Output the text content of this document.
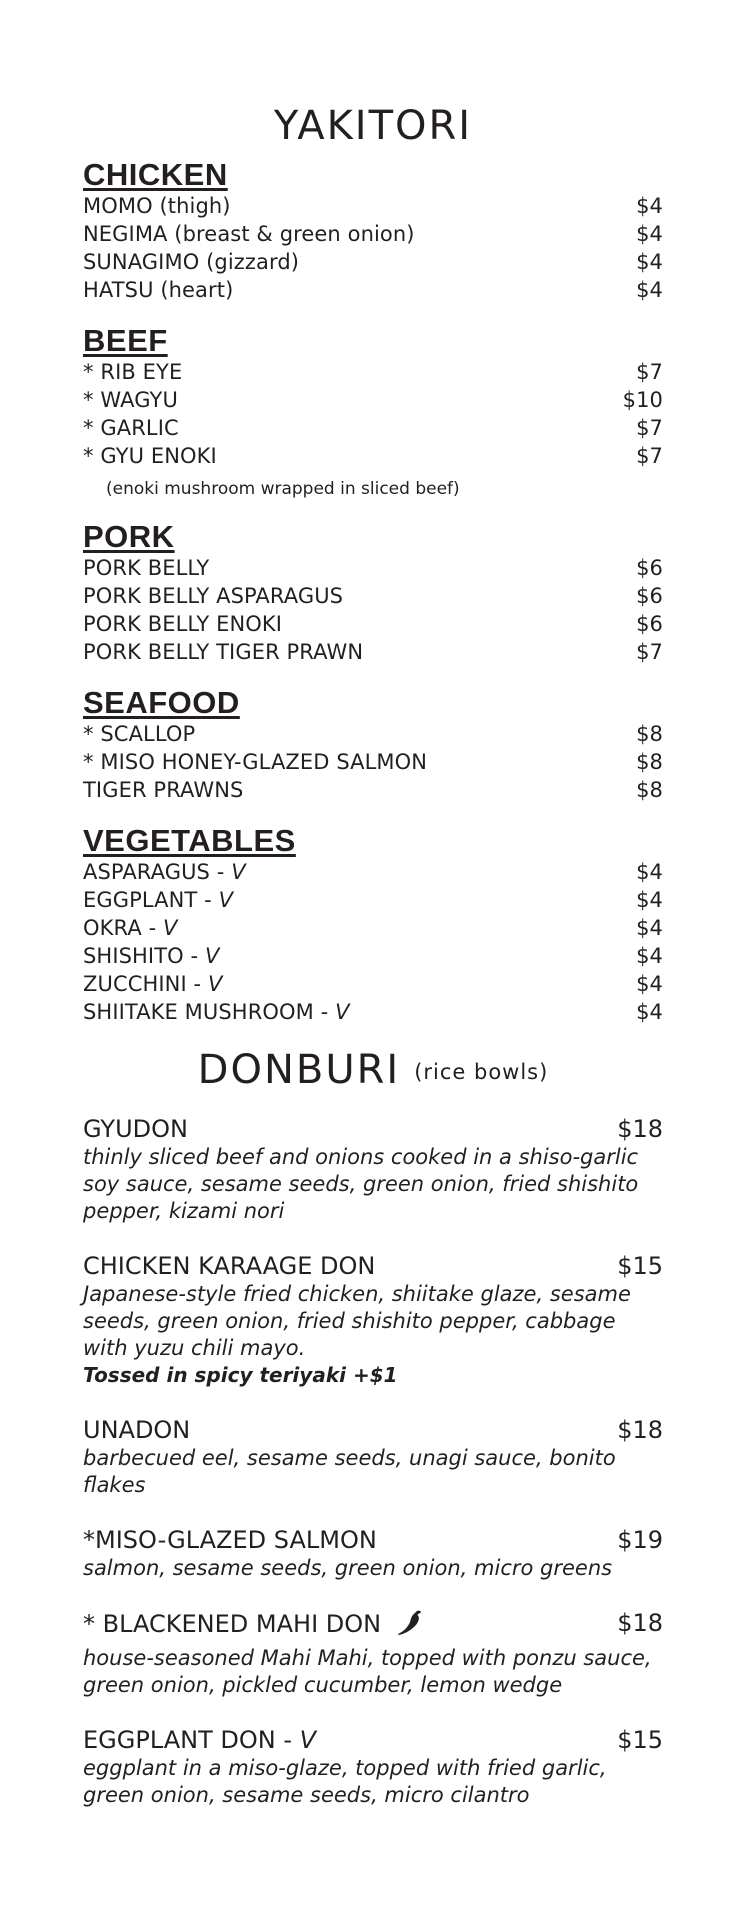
YAKITORI
CHICKEN
MOMO (thigh)	$4
NEGIMA (breast & green onion)	$4
SUNAGIMO (gizzard)	$4
HATSU (heart)	$4
BEEF
* RIB EYE	$7
* WAGYU	$10
* GARLIC	$7
* GYU ENOKI	$7
(enoki mushroom wrapped in sliced beef)
PORK
PORK BELLY	$6
PORK BELLY ASPARAGUS	$6
PORK BELLY ENOKI	$6
PORK BELLY TIGER PRAWN	$7
SEAFOOD
* SCALLOP	$8
* MISO HONEY-GLAZED SALMON	$8
TIGER PRAWNS	$8
VEGETABLES
ASPARAGUS - V	$4
EGGPLANT - V	$4
OKRA - V	$4
SHISHITO - V	$4
ZUCCHINI - V	$4
SHIITAKE MUSHROOM - V	$4
DONBURI (rice bowls)
GYUDON	$18
thinly sliced beef and onions cooked in a shiso-garlic soy sauce, sesame seeds, green onion, fried shishito pepper, kizami nori
CHICKEN KARAAGE DON	$15
Japanese-style fried chicken, shiitake glaze, sesame seeds, green onion, fried shishito pepper, cabbage with yuzu chili mayo.
Tossed in spicy teriyaki +$1
UNADON	$18
barbecued eel, sesame seeds, unagi sauce, bonito flakes
*MISO-GLAZED SALMON	$19
salmon, sesame seeds, green onion, micro greens
* BLACKENED MAHI DON	$18
house-seasoned Mahi Mahi, topped with ponzu sauce, green onion, pickled cucumber, lemon wedge
EGGPLANT DON - V	$15
eggplant in a miso-glaze, topped with fried garlic, green onion, sesame seeds, micro cilantro
